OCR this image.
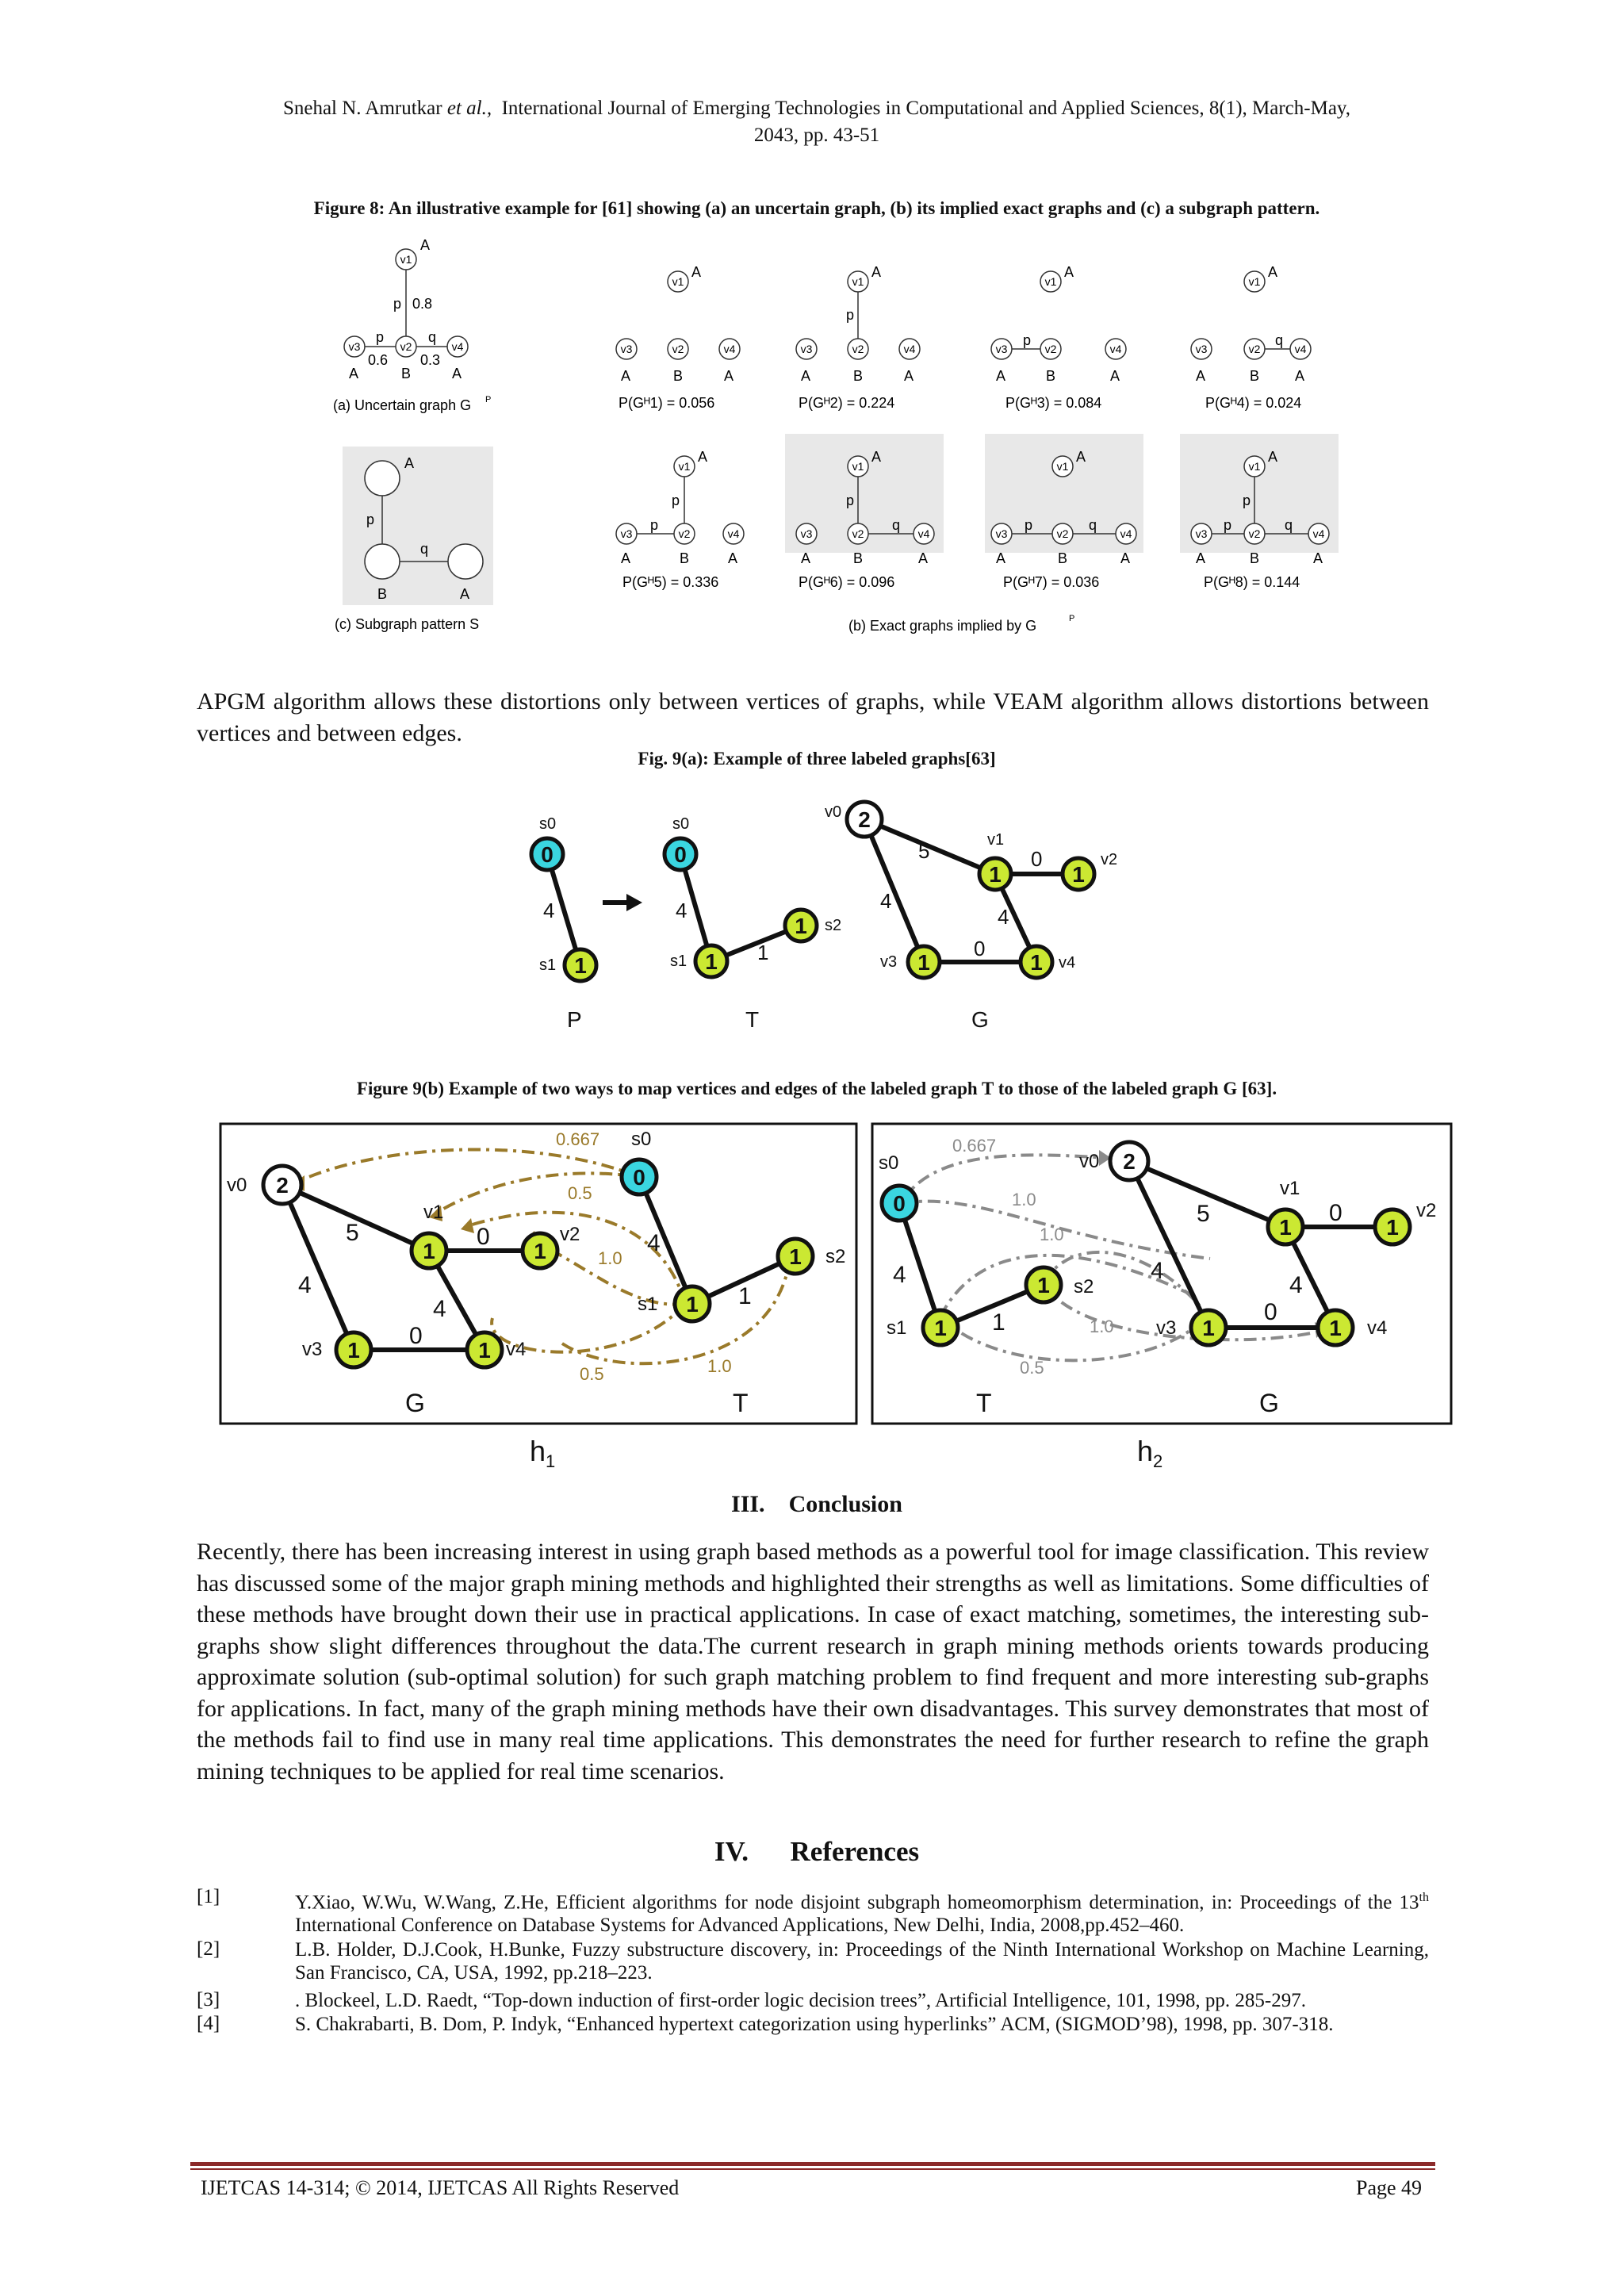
Snehal N. Amrutkar et al., International Journal of Emerging Technologies in Computational and Applied Sciences, 8(1), March-May,
2043, pp. 43-51
Figure 8: An illustrative example for [61] showing (a) an uncertain graph, (b) its implied exact graphs and (c) a subgraph pattern.
v1
v3	v2	v4
A
A	B	A
p 0.8
p
0.6
q
0.3
(a) Uncertain graph G P
A
p
q
B	A
(c) Subgraph pattern S
v1
v3	v2	v4
A
A	B	A
P(Gᴴ1) = 0.056
v1
v3	v2	v4
A
p
A	B	A
P(Gᴴ2) = 0.224
v1
v3	v2	v4
A
p
A	B	A
P(Gᴴ3) = 0.084
v1
v3	v2	v4
A
q
A	B A
P(Gᴴ4) = 0.024
v1
v3	v2	v4
A
p
p
A	B	A
P(Gᴴ5) = 0.336
v1
v3	v2	v4
A
p
q
A	B	A
P(Gᴴ6) = 0.096
v1
v3	v2	v4
A
p	q
A	B	A
P(Gᴴ7) = 0.036
v1
v3	v2	v4
A
p
p	q
A	B	A
P(Gᴴ8) = 0.144
(b) Exact graphs implied by G	P
APGM algorithm allows these distortions only between vertices of graphs, while VEAM algorithm allows distortions between vertices and between edges.
Fig. 9(a): Example of three labeled graphs[63]
0
1
0
1
1
2
1	1
1	1
s0
s1
s0
s1
s2
v0
v1
v2
v3	v4
4	4
1
5
4
0
4
0
P	T	G
Figure 9(b) Example of two ways to map vertices and edges of the labeled graph T to those of the labeled graph G [63].
2
1	1
1	1
0
1
1
v0
v1
v2
v3	v4
s0
s1
s2
5
4
0
4
0
4
1
0.667
0.5
1.0
0.5	1.0
G	T
2
1	1
1	1
0
1
1
v0
v1
v2
v3	v4
s0
s1
s2
5
4
0
4
0
4
1
0.667
1.0
1.0
1.0
0.5
T	G
$h_1$	$h_2$
III. Conclusion
Recently, there has been increasing interest in using graph based methods as a powerful tool for image classification. This review has discussed some of the major graph mining methods and highlighted their strengths as well as limitations. Some difficulties of these methods have brought down their use in practical applications. In case of exact matching, sometimes, the interesting sub-graphs show slight differences throughout the data.The current research in graph mining methods orients towards producing approximate solution (sub-optimal solution) for such graph matching problem to find frequent and more interesting sub-graphs for applications. In fact, many of the graph mining methods have their own disadvantages. This survey demonstrates that most of the methods fail to find use in many real time applications. This demonstrates the need for further research to refine the graph mining techniques to be applied for real time scenarios.
IV. References
[1]	Y.Xiao, W.Wu, W.Wang, Z.He, Efficient algorithms for node disjoint subgraph homeomorphism determination, in: Proceedings of the 13th International Conference on Database Systems for Advanced Applications, New Delhi, India, 2008,pp.452–460.
[2]	L.B. Holder, D.J.Cook, H.Bunke, Fuzzy substructure discovery, in: Proceedings of the Ninth International Workshop on Machine Learning, San Francisco, CA, USA, 1992, pp.218–223.
[3]	. Blockeel, L.D. Raedt, “Top-down induction of first-order logic decision trees”, Artificial Intelligence, 101, 1998, pp. 285-297.
[4]	S. Chakrabarti, B. Dom, P. Indyk, “Enhanced hypertext categorization using hyperlinks” ACM, (SIGMOD’98), 1998, pp. 307-318.
IJETCAS 14-314; © 2014, IJETCAS All Rights Reserved	Page 49
